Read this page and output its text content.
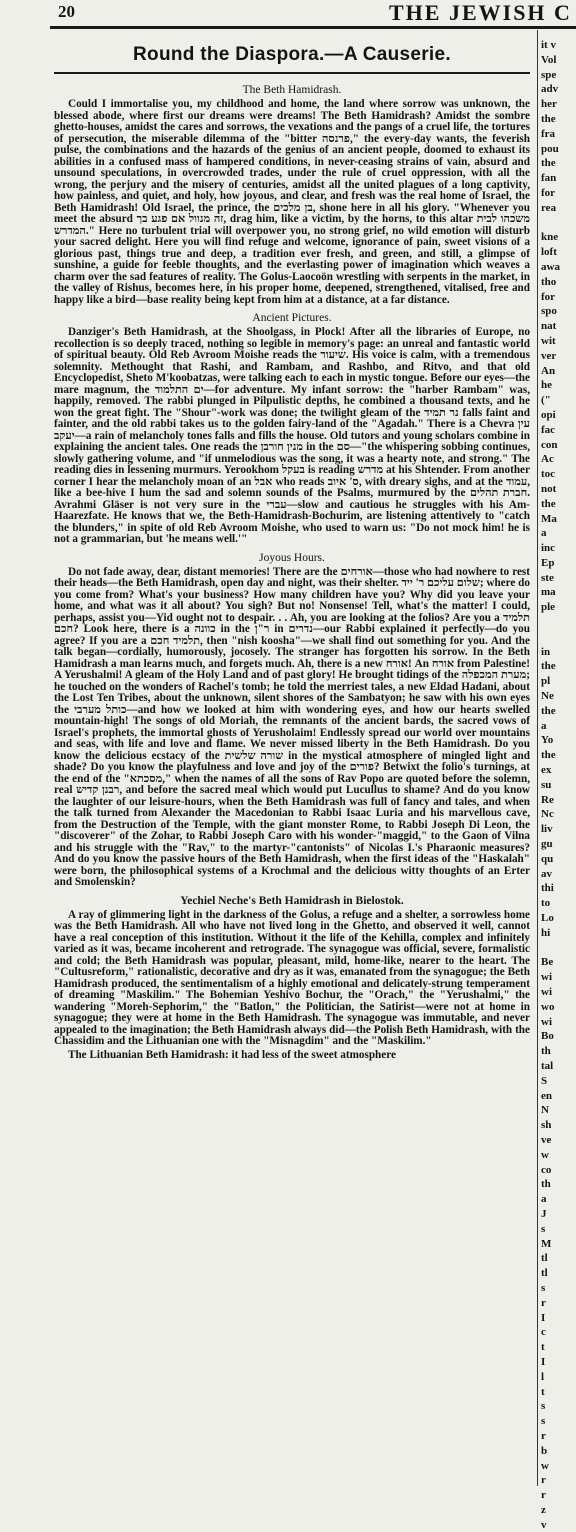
20	THE JEWISH C
Round the Diaspora.—A Causerie.
The Beth Hamidrash.

Could I immortalise you, my childhood and home, the land where sorrow was unknown, the blessed abode, where first our dreams were dreams! The Beth Hamidrash? Amidst the sombre ghetto-houses, amidst the cares and sorrows, the vexations and the pangs of a cruel life, the tortures of persecution, the miserable dilemma of the "bitter פרנסה," the every-day wants, the feverish pulse, the combinations and the hazards of the genius of an ancient people, doomed to exhaust its abilities in a confused mass of hampered conditions, in never-ceasing strains of vain, absurd and unsound speculations, in overcrowded trades, under the rule of cruel oppression, with all the wrong, the perjury and the misery of centuries, amidst all the united plagues of a long captivity, how painless, and quiet, and holy, how joyous, and clear, and fresh was the real home of Israel, the Beth Hamidrash! Old Israel, the prince, the בן מלכים, shone here in all his glory. "Whenever you meet the absurd זה מנוול אם פגע בך, drag him, like a victim, by the horns, to this altar משכהו לבית המדרש." Here no turbulent trial will overpower you, no strong grief, no wild emotion will disturb your sacred delight. Here you will find refuge and welcome, ignorance of pain, sweet visions of a glorious past, things true and deep, a tradition ever fresh, and green, and still, a glimpse of sunshine, a guide for feeble thoughts, and the everlasting power of imagination which weaves a charm over the sad features of reality. The Golus-Laocoön wrestling with serpents in the market, in the valley of Rishus, becomes here, in his proper home, deepened, strengthened, vitalised, free and happy like a bird—base reality being kept from him at a distance, at a far distance.

Ancient Pictures.

Danziger's Beth Hamidrash, at the Shoolgass, in Plock! After all the libraries of Europe, no recollection is so deeply traced, nothing so legible in memory's page: an unreal and fantastic world of spiritual beauty. Old Reb Avroom Moishe reads the שיעור. His voice is calm, with a tremendous solemnity. Methought that Rashi, and Rambam, and Rashbo, and Ritvo, and that old Encyclopedist, Sheto M'koobatzas, were talking each to each in mystic tongue. Before our eyes—the mare magnum, the ים התלמוד—for adventure. My infant sorrow: the "harber Rambam" was, happily, removed. The rabbi plunged in Pilpulistic depths, he combined a thousand texts, and he won the great fight. The "Shour"-work was done; the twilight gleam of the נר תמיד falls faint and fainter, and the old rabbi takes us to the golden fairy-land of the "Agadah." There is a Chevra עין יעקב—a rain of melancholy tones falls and fills the house. Old tutors and young scholars combine in explaining the ancient tales. One reads the מנין חורבן in the סם—"the whispering sobbing continues, slowly gathering volume, and "if unmelodious was the song, it was a hearty note, and strong." The reading dies in lessening murmurs. Yerookhom בעקל is reading מדרש at his Shtender. From another corner I hear the melancholy moan of an אבל who reads ס' איוב, with dreary sighs, and at the עמוד, like a bee-hive I hum the sad and solemn sounds of the Psalms, murmured by the חברת תהלים. Avrahmi Gläser is not very sure in the עברי—slow and cautious he struggles with his Am-Haarezfate. He knows that we, the Beth-Hamidrash-Bochurim, are listening attentively to "catch the blunders," in spite of old Reb Avroom Moishe, who used to warn us: "Do not mock him! he is not a grammarian, but 'he means well.'"

Joyous Hours.

Do not fade away, dear, distant memories! There are the אורחים—those who had nowhere to rest their heads—the Beth Hamidrash, open day and night, was their shelter. שלום עליכם ר' ייד; where do you come from? What's your business? How many children have you? Why did you leave your home, and what was it all about? You sigh? But no! Nonsense! Tell, what's the matter! I could, perhaps, assist you—Yid ought not to despair. . . Ah, you are looking at the folios? Are you a תלמיד חכם? Look here, there is a כוונה in the ר"ן in נדרים—our Rabbi explained it perfectly—do you agree? If you are a תלמיד חכם, then "nish koosha"—we shall find out something for you. And the talk began—cordially, humorously, jocosely. The stranger has forgotten his sorrow. In the Beth Hamidrash a man learns much, and forgets much. Ah, there is a new אורח! An אורח from Palestine! A Yerushalmi! A gleam of the Holy Land and of past glory! He brought tidings of the מערת המכפלה; he touched on the wonders of Rachel's tomb; he told the merriest tales, a new Eldad Hadani, about the Lost Ten Tribes, about the unknown, silent shores of the Sambatyon; he saw with his own eyes the כותל מערבי—and how we looked at him with wondering eyes, and how our hearts swelled mountain-high! The songs of old Moriah, the remnants of the ancient bards, the sacred vows of Israel's prophets, the immortal ghosts of Yerusholaim! Endlessly spread our world over mountains and seas, with life and love and flame. We never missed liberty in the Beth Hamidrash. Do you know the delicious ecstacy of the שורה שלשית in the mystical atmosphere of mingled light and shade? Do you know the playfulness and love and joy of the פורים? Betwixt the folio's turnings, at the end of the "מסכתא," when the names of all the sons of Rav Popo are quoted before the solemn, real רבנן קדיש, and before the sacred meal which would put Lucullus to shame? And do you know the laughter of our leisure-hours, when the Beth Hamidrash was full of fancy and tales, and when the talk turned from Alexander the Macedonian to Rabbi Isaac Luria and his marvellous cave, from the Destruction of the Temple, with the giant monster Rome, to Rabbi Joseph Di Leon, the "discoverer" of the Zohar, to Rabbi Joseph Caro with his wonder-"maggid," to the Gaon of Vilna and his struggle with the "Rav," to the martyr-"cantonists" of Nicolas I.'s Pharaonic measures? And do you know the passive hours of the Beth Hamidrash, when the first ideas of the "Haskalah" were born, the philosophical systems of a Krochmal and the delicious witty thoughts of an Erter and Smolenskin?

Yechiel Neche's Beth Hamidrash in Bielostok.

A ray of glimmering light in the darkness of the Golus, a refuge and a shelter, a sorrowless home was the Beth Hamidrash. All who have not lived long in the Ghetto, and observed it well, cannot have a real conception of this institution. Without it the life of the Kehilla, complex and infinitely varied as it was, became incoherent and retrograde. The synagogue was official, severe, formalistic and cold; the Beth Hamidrash was popular, pleasant, mild, home-like, nearer to the heart. The "Cultusreform," rationalistic, decorative and dry as it was, emanated from the synagogue; the Beth Hamidrash produced, the sentimentalism of a highly emotional and delicately-strung temperament of dreaming "Maskilim." The Bohemian Yeshivo Bochur, the "Orach," the "Yerushalmi," the wandering "Moreh-Sephorim," the "Batlon," the Politician, the Satirist—were not at home in synagogue; they were at home in the Beth Hamidrash. The synagogue was immutable, and never appealed to the imagination; the Beth Hamidrash always did—the Polish Beth Hamidrash, with the Chassidim and the Lithuanian one with the "Misnagdim" and the "Maskilim."

The Lithuanian Beth Hamidrash: it had less of the sweet atmosphere
it v
Vol
spe
adv
her
the
fra
pou
the
fan
for
rea
kne
loft
awa
tho
for
spo
nat
wit
ver
An
he
("
opi
fac
con
Ac
toc
not
the
Ma
a
inc
Ep
ste
ma
ple
in
the
pl
Ne
the
a
Yo
the
ex
su
Re
Nc
liv
gu
qu
av
thi
to
Lo
hi
Be
wi
wi
wo
wi
Bo
th
tal
S
en
N
sh
ve
w
co
th
a
J
s
M
tl
tl
s
r
I
c
t
I
l
t
s
s
r
b
w
r
r
z
v
